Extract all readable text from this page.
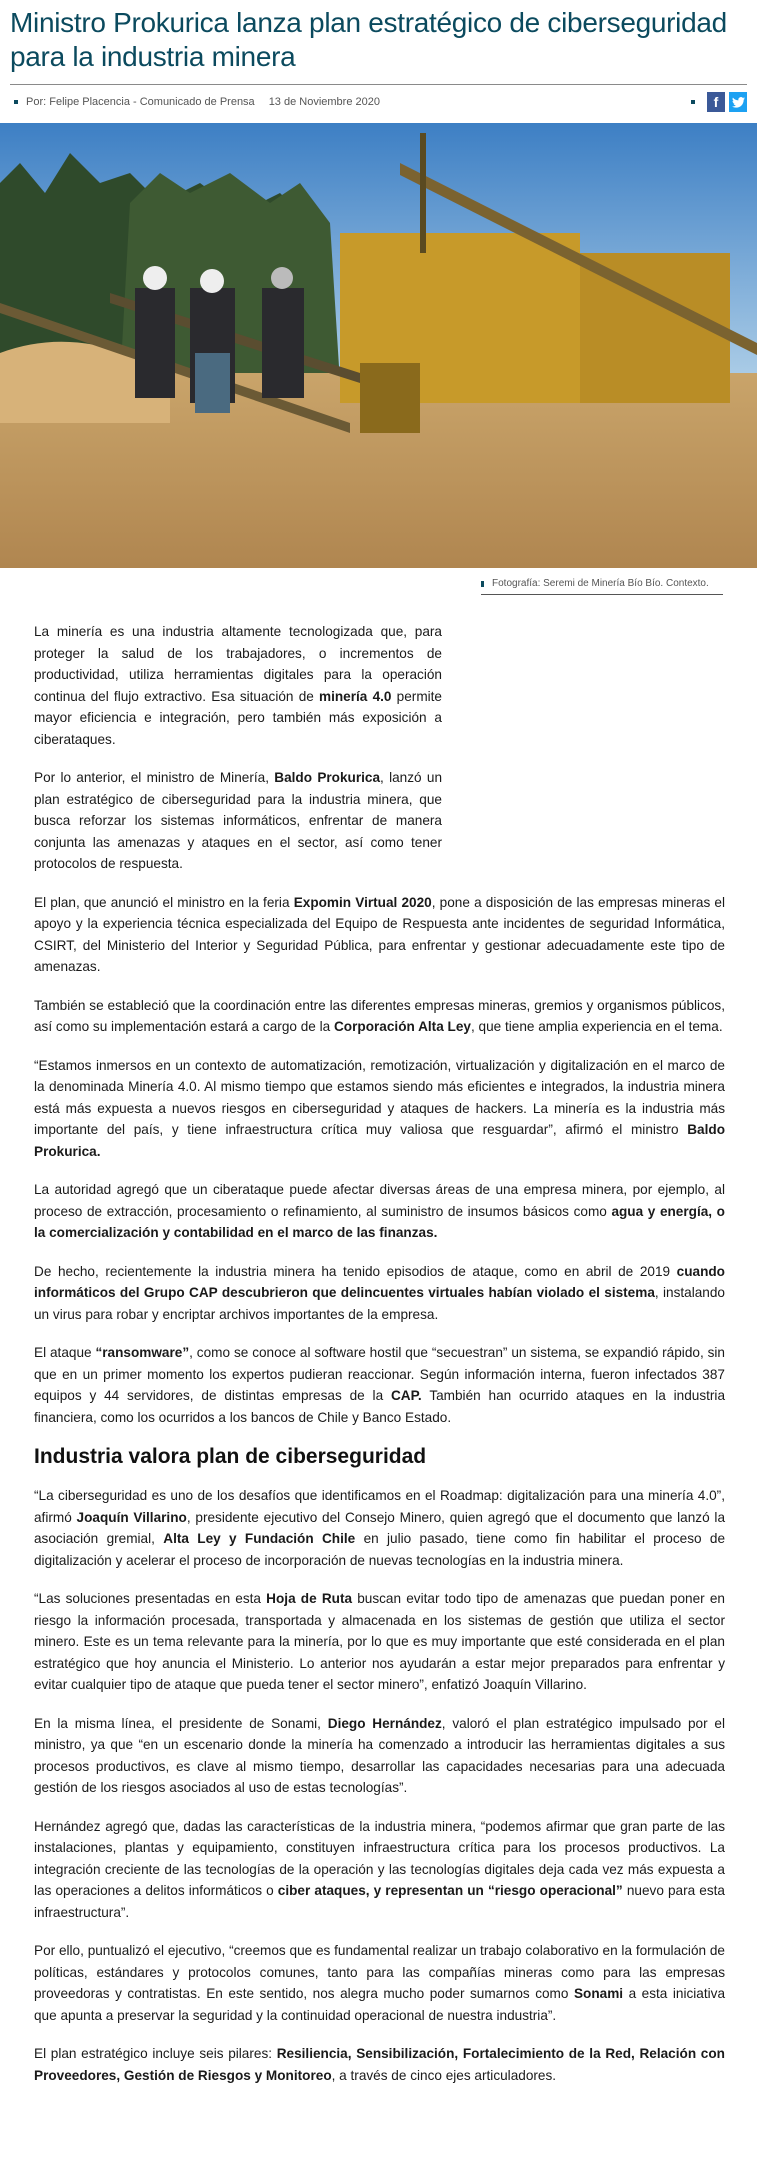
Ministro Prokurica lanza plan estratégico de ciberseguridad para la industria minera
Por: Felipe Placencia - Comunicado de Prensa 13 de Noviembre 2020	f
Fotografía: Seremi de Minería Bío Bío. Contexto.

La minería es una industria altamente tecnologizada que, para proteger la salud de los trabajadores, o incrementos de productividad, utiliza herramientas digitales para la operación continua del flujo extractivo. Esa situación de minería 4.0 permite mayor eficiencia e integración, pero también más exposición a ciberataques.

Por lo anterior, el ministro de Minería, Baldo Prokurica, lanzó un plan estratégico de ciberseguridad para la industria minera, que busca reforzar los sistemas informáticos, enfrentar de manera conjunta las amenazas y ataques en el sector, así como tener protocolos de respuesta.

El plan, que anunció el ministro en la feria Expomin Virtual 2020, pone a disposición de las empresas mineras el apoyo y la experiencia técnica especializada del Equipo de Respuesta ante incidentes de seguridad Informática, CSIRT, del Ministerio del Interior y Seguridad Pública, para enfrentar y gestionar adecuadamente este tipo de amenazas.

También se estableció que la coordinación entre las diferentes empresas mineras, gremios y organismos públicos, así como su implementación estará a cargo de la Corporación Alta Ley, que tiene amplia experiencia en el tema.

“Estamos inmersos en un contexto de automatización, remotización, virtualización y digitalización en el marco de la denominada Minería 4.0. Al mismo tiempo que estamos siendo más eficientes e integrados, la industria minera está más expuesta a nuevos riesgos en ciberseguridad y ataques de hackers. La minería es la industria más importante del país, y tiene infraestructura crítica muy valiosa que resguardar”, afirmó el ministro Baldo Prokurica.

La autoridad agregó que un ciberataque puede afectar diversas áreas de una empresa minera, por ejemplo, al proceso de extracción, procesamiento o refinamiento, al suministro de insumos básicos como agua y energía, o la comercialización y contabilidad en el marco de las finanzas.

De hecho, recientemente la industria minera ha tenido episodios de ataque, como en abril de 2019 cuando informáticos del Grupo CAP descubrieron que delincuentes virtuales habían violado el sistema, instalando un virus para robar y encriptar archivos importantes de la empresa.

El ataque “ransomware”, como se conoce al software hostil que “secuestran” un sistema, se expandió rápido, sin que en un primer momento los expertos pudieran reaccionar. Según información interna, fueron infectados 387 equipos y 44 servidores, de distintas empresas de la CAP. También han ocurrido ataques en la industria financiera, como los ocurridos a los bancos de Chile y Banco Estado.

Industria valora plan de ciberseguridad

“La ciberseguridad es uno de los desafíos que identificamos en el Roadmap: digitalización para una minería 4.0”, afirmó Joaquín Villarino, presidente ejecutivo del Consejo Minero, quien agregó que el documento que lanzó la asociación gremial, Alta Ley y Fundación Chile en julio pasado, tiene como fin habilitar el proceso de digitalización y acelerar el proceso de incorporación de nuevas tecnologías en la industria minera.

“Las soluciones presentadas en esta Hoja de Ruta buscan evitar todo tipo de amenazas que puedan poner en riesgo la información procesada, transportada y almacenada en los sistemas de gestión que utiliza el sector minero. Este es un tema relevante para la minería, por lo que es muy importante que esté considerada en el plan estratégico que hoy anuncia el Ministerio. Lo anterior nos ayudarán a estar mejor preparados para enfrentar y evitar cualquier tipo de ataque que pueda tener el sector minero”, enfatizó Joaquín Villarino.

En la misma línea, el presidente de Sonami, Diego Hernández, valoró el plan estratégico impulsado por el ministro, ya que “en un escenario donde la minería ha comenzado a introducir las herramientas digitales a sus procesos productivos, es clave al mismo tiempo, desarrollar las capacidades necesarias para una adecuada gestión de los riesgos asociados al uso de estas tecnologías”.

Hernández agregó que, dadas las características de la industria minera, “podemos afirmar que gran parte de las instalaciones, plantas y equipamiento, constituyen infraestructura crítica para los procesos productivos. La integración creciente de las tecnologías de la operación y las tecnologías digitales deja cada vez más expuesta a las operaciones a delitos informáticos o ciber ataques, y representan un “riesgo operacional” nuevo para esta infraestructura”.

Por ello, puntualizó el ejecutivo, “creemos que es fundamental realizar un trabajo colaborativo en la formulación de políticas, estándares y protocolos comunes, tanto para las compañías mineras como para las empresas proveedoras y contratistas. En este sentido, nos alegra mucho poder sumarnos como Sonami a esta iniciativa que apunta a preservar la seguridad y la continuidad operacional de nuestra industria”.

El plan estratégico incluye seis pilares: Resiliencia, Sensibilización, Fortalecimiento de la Red, Relación con Proveedores, Gestión de Riesgos y Monitoreo, a través de cinco ejes articuladores.
